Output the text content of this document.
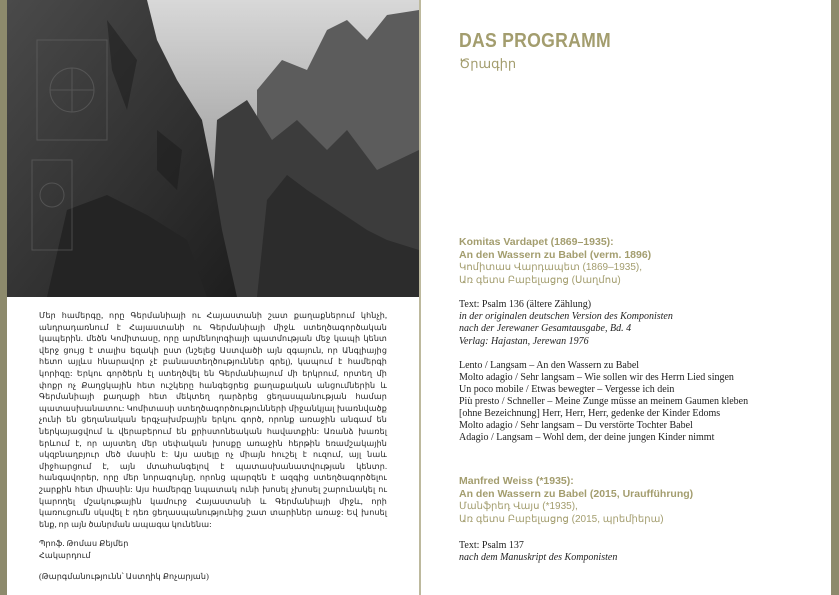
Մեր համերգը, որը Գերմանիայի ու Հայաստանի շատ քաղաքներում կհնչի, անդրադառնում է Հայաստանի ու Գերմանիայի միջև ստեղծագործական կապերին. մեծն Կոմիտասը, որը արմենոլոգիայի պատմության մեջ կապի կենտ վերջ ցույց է տալիս եզակի ըստ (նշելեց Աստվածի այն զգայուն, որ Անգլիայից հետո այլևս հնարավոր չէ բանաստեղծություններ գրել), կապում է համերգի կորիզը: Երկու գործերն էլ ստեղծվել են Գերմանիայում մի երկրում, որտեղ մի փոքր ոչ Քաղցկային հետ ուշկերը հանգեցրեց քաղաքական անցումներին և Գերմանիայի քաղաքի հետ մեկտեղ դարձրեց ցեղասպանության համար պատասխանատու: Կոմիտասի ստեղծագործությունների միջանկյալ խառնվածք չունի են ցեղանական երգչախմբային երկու գործ, որոնք առաջին անգամ են ներկայացվում և վերաբերում են քրիստոնեական հավատքին: Առանձ խառել երևում է, որ այստեղ մեր սեփական խոսքը առաջին հերթին եռամշակային սկզբնաղբյուր մեծ մասին է: Այս ասելը ոչ միայն հուշել է ուզում, այլ նաև միջհարցում է, այն մտահանգելով է պատասխանատվության կենտր. հանգավորեր, որը մեր նորագույնը, որոնց պարզեն է ազգից ստեղծագործելու շարքին հետ միասին: Այս համերգը նպատակ ունի խոսել չխոսել շարունակել ու կարողել մշակութային կամուրջ Հայաստանի և Գերմանիայի միջև, որի կառուցումն սկսվել է դեռ ցեղասպանությունից շատ տարիներ առաջ: Եվ խոսել ենք, որ այն ծանրման ապագա կունենա:

Պրոֆ. Թոմաս Քեյմեր

Հակարդում

(Թարգմանությունն՝ Աստղիկ Քոչարյան)

DAS PROGRAMM
Ծրագիր
Komitas Vardapet (1869–1935):
An den Wassern zu Babel (verm. 1896)
Կոմիտաս Վարդապետ (1869–1935),
Առ գետս Բաբելացոց (Սաղմոս)
Text: Psalm 136 (ältere Zählung)
in der originalen deutschen Version des Komponisten
nach der Jerewaner Gesamtausgabe, Bd. 4
Verlag: Hajastan, Jerewan 1976
Lento / Langsam – An den Wassern zu Babel
Molto adagio / Sehr langsam – Wie sollen wir des Herrn Lied singen
Un poco mobile / Etwas bewegter – Vergesse ich dein
Più presto / Schneller – Meine Zunge müsse an meinem Gaumen kleben
[ohne Bezeichnung] Herr, Herr, Herr, gedenke der Kinder Edoms
Molto adagio / Sehr langsam – Du verstörte Tochter Babel
Adagio / Langsam – Wohl dem, der deine jungen Kinder nimmt
Manfred Weiss (*1935):
An den Wassern zu Babel (2015, Uraufführung)
Մանֆրեդ Վայս (*1935),
Առ գետս Բաբելացոց (2015, պրեմիերա)
Text: Psalm 137
nach dem Manuskript des Komponisten
